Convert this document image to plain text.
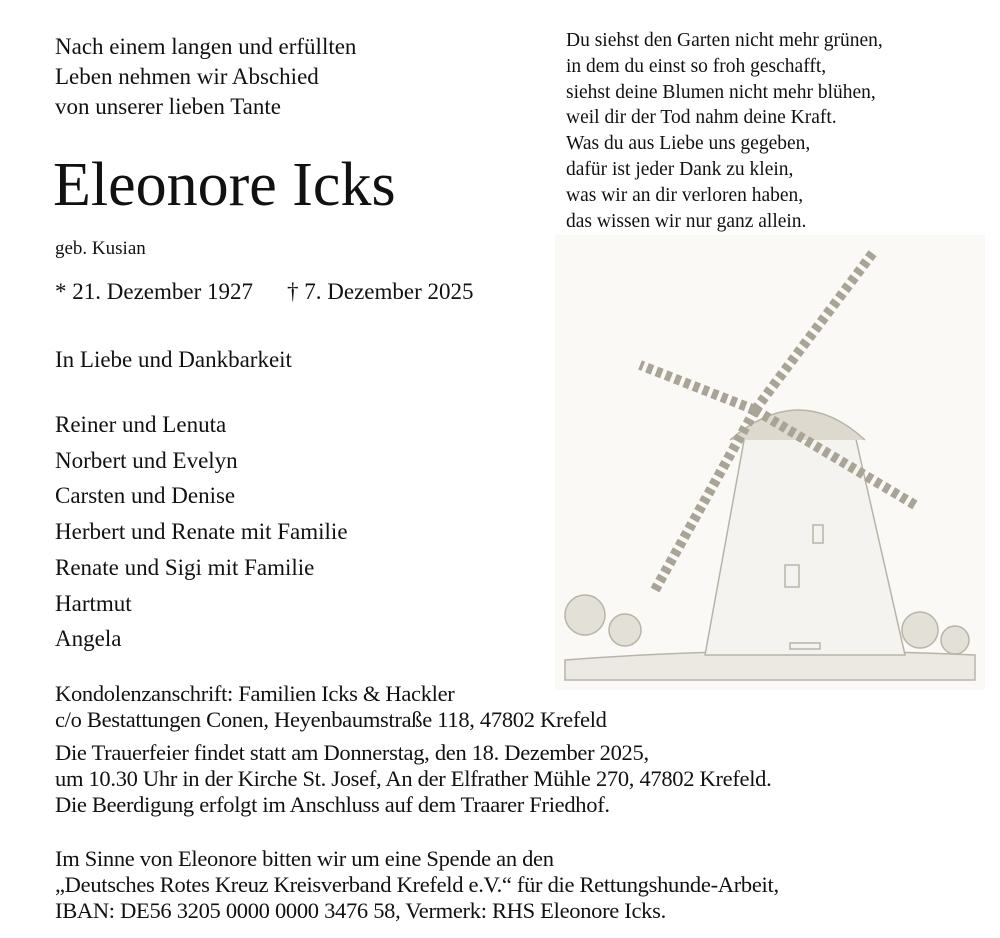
Nach einem langen und erfüllten
Leben nehmen wir Abschied
von unserer lieben Tante
Eleonore Icks
geb. Kusian
* 21. Dezember 1927 † 7. Dezember 2025
In Liebe und Dankbarkeit
Reiner und Lenuta
Norbert und Evelyn
Carsten und Denise
Herbert und Renate mit Familie
Renate und Sigi mit Familie
Hartmut
Angela
Du siehst den Garten nicht mehr grünen,
in dem du einst so froh geschafft,
siehst deine Blumen nicht mehr blühen,
weil dir der Tod nahm deine Kraft.
Was du aus Liebe uns gegeben,
dafür ist jeder Dank zu klein,
was wir an dir verloren haben,
das wissen wir nur ganz allein.
Kondolenzanschrift: Familien Icks & Hackler
c/o Bestattungen Conen, Heyenbaumstraße 118, 47802 Krefeld
Die Trauerfeier findet statt am Donnerstag, den 18. Dezember 2025,
um 10.30 Uhr in der Kirche St. Josef, An der Elfrather Mühle 270, 47802 Krefeld.
Die Beerdigung erfolgt im Anschluss auf dem Traarer Friedhof.
Im Sinne von Eleonore bitten wir um eine Spende an den
„Deutsches Rotes Kreuz Kreisverband Krefeld e.V.“ für die Rettungshunde-Arbeit,
IBAN: DE56 3205 0000 0000 3476 58, Vermerk: RHS Eleonore Icks.
